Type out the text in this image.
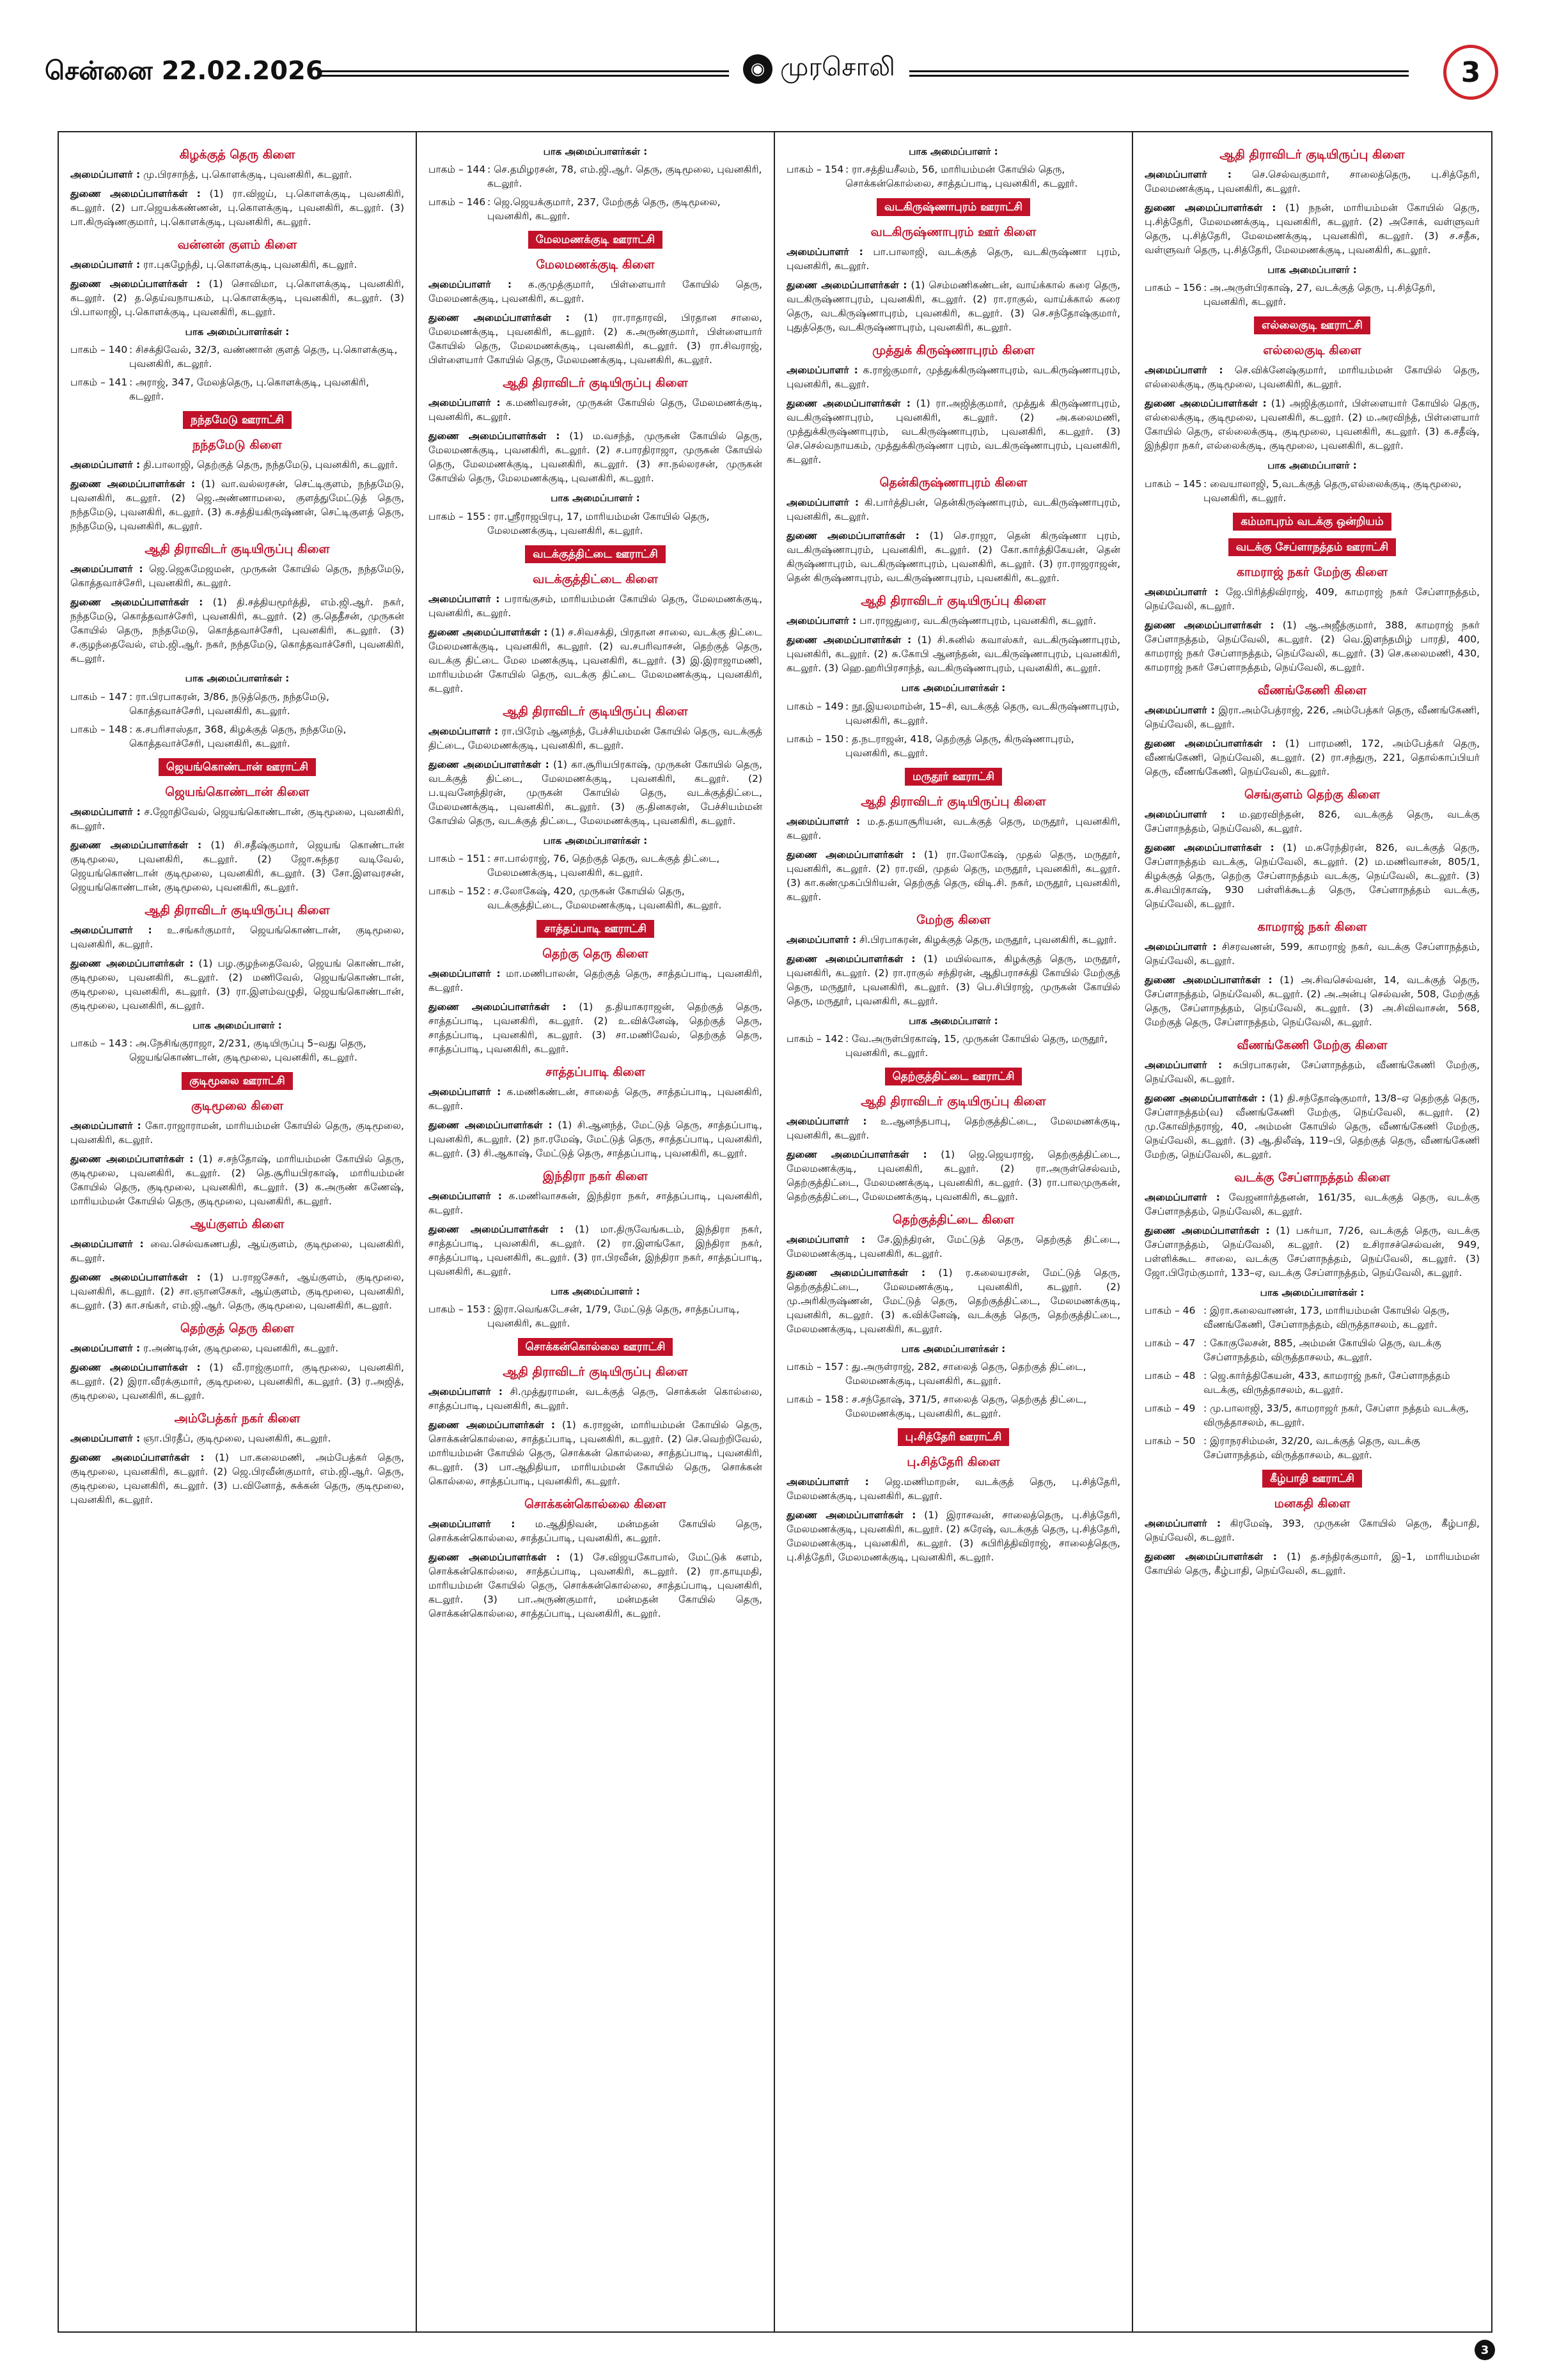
சென்னை 22.02.2026	◉ முரசொலி	3
கிழக்குத் தெரு கிளை

அமைப்பாளர் : மு.பிரசாந்த், பு.கொளக்குடி, புவனகிரி, கடலூர்.

துணை அமைப்பாளர்கள் : (1) ரா.விஜய், பு.கொளக்குடி, புவனகிரி, கடலூர். (2) பா.ஜெயக்கண்ணன், பு.கொளக்குடி, புவனகிரி, கடலூர். (3) பா.கிருஷ்ணகுமார், பு.கொளக்குடி, புவனகிரி, கடலூர்.

வன்னன் குளம் கிளை

அமைப்பாளர் : ரா.புகழேந்தி, பு.கொளக்குடி, புவனகிரி, கடலூர்.

துணை அமைப்பாளர்கள் : (1) சொவிமா, பு.கொளக்குடி, புவனகிரி, கடலூர். (2) த.தெய்வநாயகம், பு.கொளக்குடி, புவனகிரி, கடலூர். (3) பி.பாலாஜி, பு.கொளக்குடி, புவனகிரி, கடலூர்.

பாக அமைப்பாளர்கள் :
பாகம் – 140 : சிசக்திவேல், 32/3, வண்ணான் குளத் தெரு, பு.கொளக்குடி, புவனகிரி, கடலூர்.
பாகம் – 141 : அராஜ், 347, மேலத்தெரு, பு.கொளக்குடி, புவனகிரி, கடலூர்.
நந்தமேடு ஊராட்சி
நந்தமேடு கிளை

அமைப்பாளர் : தி.பாலாஜி, தெற்குத் தெரு, நந்தமேடு, புவனகிரி, கடலூர்.

துணை அமைப்பாளர்கள் : (1) வா.வல்லரசன், செட்டிகுளம், நந்தமேடு, புவனகிரி, கடலூர். (2) ஜெ.அண்ணாமலை, குளத்துமேட்டுத் தெரு, நந்தமேடு, புவனகிரி, கடலூர். (3) க.சத்தியகிருஷ்ணன், செட்டிகுளத் தெரு, நந்தமேடு, புவனகிரி, கடலூர்.

ஆதி திராவிடர் குடியிருப்பு கிளை

அமைப்பாளர் : ஜெ.ஜெகமேஜமன், முருகன் கோயில் தெரு, நந்தமேடு, கொத்தவாச்சேரி, புவனகிரி, கடலூர்.

துணை அமைப்பாளர்கள் : (1) தி.சத்தியமூர்த்தி, எம்.ஜி.ஆர். நகர், நந்தமேடு, கொத்தவாச்சேரி, புவனகிரி, கடலூர். (2) கு.தெதீசன், முருகன் கோயில் தெரு, நந்தமேடு, கொத்தவாச்சேரி, புவனகிரி, கடலூர். (3) ச.குழந்தைவேல், எம்.ஜி.ஆர். நகர், நந்தமேடு, கொத்தவாச்சேரி, புவனகிரி, கடலூர்.

பாக அமைப்பாளர்கள் :
பாகம் – 147 : ரா.பிரபாகரன், 3/86, நடுத்தெரு, நந்தமேடு, கொத்தவாச்சேரி, புவனகிரி, கடலூர்.
பாகம் – 148 : க.சபரிசாஸ்தா, 368, கிழக்குத் தெரு, நந்தமேடு, கொத்தவாச்சேரி, புவனகிரி, கடலூர்.
ஜெயங்கொண்டான் ஊராட்சி
ஜெயங்கொண்டான் கிளை

அமைப்பாளர் : ச.ஜோதிவேல், ஜெயங்கொண்டான், குடிமூலை, புவனகிரி, கடலூர்.

துணை அமைப்பாளர்கள் : (1) சி.சதீஷ்குமார், ஜெயங் கொண்டான் குடிமூலை, புவனகிரி, கடலூர். (2) ஜோ.சுந்தர வடிவேல், ஜெயங்கொண்டான் குடிமூலை, புவனகிரி, கடலூர். (3) சோ.இளவரசன், ஜெயங்கொண்டான், குடிமூலை, புவனகிரி, கடலூர்.

ஆதி திராவிடர் குடியிருப்பு கிளை

அமைப்பாளர் : உ.சங்கர்குமார், ஜெயங்கொண்டான், குடிமூலை, புவனகிரி, கடலூர்.

துணை அமைப்பாளர்கள் : (1) பழ.குழந்தைவேல், ஜெயங் கொண்டான், குடிமூலை, புவனகிரி, கடலூர். (2) மணிவேல், ஜெயங்கொண்டான், குடிமூலை, புவனகிரி, கடலூர். (3) ரா.இளம்வழுதி, ஜெயங்கொண்டான், குடிமூலை, புவனகிரி, கடலூர்.

பாக அமைப்பாளர் :
பாகம் – 143 : அ.நேசிங்குராஜா, 2/231, குடியிருப்பு 5–வது தெரு, ஜெயங்கொண்டான், குடிமூலை, புவனகிரி, கடலூர்.
குடிமூலை ஊராட்சி
குடிமூலை கிளை

அமைப்பாளர் : கோ.ராஜாராமன், மாரியம்மன் கோயில் தெரு, குடிமூலை, புவனகிரி, கடலூர்.

துணை அமைப்பாளர்கள் : (1) ச.சந்தோஷ், மாரியம்மன் கோயில் தெரு, குடிமூலை, புவனகிரி, கடலூர். (2) தெ.சூரியபிரகாஷ், மாரியம்மன் கோயில் தெரு, குடிமூலை, புவனகிரி, கடலூர். (3) க.அருண் கணேஷ், மாரியம்மன் கோயில் தெரு, குடிமூலை, புவனகிரி, கடலூர்.

ஆய்குளம் கிளை

அமைப்பாளர் : வை.செல்வகணபதி, ஆய்குளம், குடிமூலை, புவனகிரி, கடலூர்.

துணை அமைப்பாளர்கள் : (1) ப.ராஜசேகர், ஆய்குளம், குடிமூலை, புவனகிரி, கடலூர். (2) சா.ஞானசேகர், ஆய்குளம், குடிமூலை, புவனகிரி, கடலூர். (3) கா.சங்கர், எம்.ஜி.ஆர். தெரு, குடிமூலை, புவனகிரி, கடலூர்.

தெற்குத் தெரு கிளை

அமைப்பாளர் : ர.அண்டிரன், குடிமூலை, புவனகிரி, கடலூர்.

துணை அமைப்பாளர்கள் : (1) வீ.ராஜ்குமார், குடிமூலை, புவனகிரி, கடலூர். (2) இரா.வீரக்குமார், குடிமூலை, புவனகிரி, கடலூர். (3) ர.அஜித், குடிமூலை, புவனகிரி, கடலூர்.

அம்பேத்கர் நகர் கிளை

அமைப்பாளர் : ஞா.பிரதீப், குடிமூலை, புவனகிரி, கடலூர்.

துணை அமைப்பாளர்கள் : (1) பா.கலைமணி, அம்பேத்கர் தெரு, குடிமூலை, புவனகிரி, கடலூர். (2) ஜெ.பிரவீன்குமார், எம்.ஜி.ஆர். தெரு, குடிமூலை, புவனகிரி, கடலூர். (3) ப.வினோத், சுக்கன் தெரு, குடிமூலை, புவனகிரி, கடலூர்.

பாக அமைப்பாளர்கள் :
பாகம் – 144 : செ.தமிழரசன், 78, எம்.ஜி.ஆர். தெரு, குடிமூலை, புவனகிரி, கடலூர்.
பாகம் – 146 : ஜெ.ஜெயக்குமார், 237, மேற்குத் தெரு, குடிமூலை, புவனகிரி, கடலூர்.
மேலமணக்குடி ஊராட்சி
மேலமணக்குடி கிளை

அமைப்பாளர் : க.குமுத்குமார், பிள்ளையார் கோயில் தெரு, மேலமணக்குடி, புவனகிரி, கடலூர்.

துணை அமைப்பாளர்கள் : (1) ரா.ராதாரவி, பிரதான சாலை, மேலமணக்குடி, புவனகிரி, கடலூர். (2) க.அருண்குமார், பிள்ளையார் கோயில் தெரு, மேலமணக்குடி, புவனகிரி, கடலூர். (3) ரா.சிவராஜ், பிள்ளையார் கோயில் தெரு, மேலமணக்குடி, புவனகிரி, கடலூர்.

ஆதி திராவிடர் குடியிருப்பு கிளை

அமைப்பாளர் : க.மணிவரசன், முருகன் கோயில் தெரு, மேலமணக்குடி, புவனகிரி, கடலூர்.

துணை அமைப்பாளர்கள் : (1) ம.வசந்த், முருகன் கோயில் தெரு, மேலமணக்குடி, புவனகிரி, கடலூர். (2) ச.பாரதிராஜா, முருகன் கோயில் தெரு, மேலமணக்குடி, புவனகிரி, கடலூர். (3) சா.நல்லரசன், முருகன் கோயில் தெரு, மேலமணக்குடி, புவனகிரி, கடலூர்.

பாக அமைப்பாளர் :
பாகம் – 155 : ரா.ஸ்ரீராஜபிரபு, 17, மாரியம்மன் கோயில் தெரு, மேலமணக்குடி, புவனகிரி, கடலூர்.
வடக்குத்திட்டை ஊராட்சி
வடக்குத்திட்டை கிளை

அமைப்பாளர் : பராங்குசம், மாரியம்மன் கோயில் தெரு, மேலமணக்குடி, புவனகிரி, கடலூர்.

துணை அமைப்பாளர்கள் : (1) ச.சிவசக்தி, பிரதான சாலை, வடக்கு திட்டை மேலமணக்குடி, புவனகிரி, கடலூர். (2) வ.சபரிவாசன், தெற்குத் தெரு, வடக்கு திட்டை மேல மணக்குடி, புவனகிரி, கடலூர். (3) இ.இராஜாமணி, மாரியம்மன் கோயில் தெரு, வடக்கு திட்டை மேலமணக்குடி, புவனகிரி, கடலூர்.

ஆதி திராவிடர் குடியிருப்பு கிளை

அமைப்பாளர் : ரா.பிரேம் ஆனந்த், பேச்சியம்மன் கோயில் தெரு, வடக்குத் திட்டை, மேலமணக்குடி, புவனகிரி, கடலூர்.

துணை அமைப்பாளர்கள் : (1) கா.சூரியபிரகாஷ், முருகன் கோயில் தெரு, வடக்குத் திட்டை, மேலமணக்குடி, புவனகிரி, கடலூர். (2) ப.யுவனேந்திரன், முருகன் கோயில் தெரு, வடக்குத்திட்டை, மேலமணக்குடி, புவனகிரி, கடலூர். (3) கு.தினகரன், பேச்சியம்மன் கோயில் தெரு, வடக்குத் திட்டை, மேலமணக்குடி, புவனகிரி, கடலூர்.

பாக அமைப்பாளர்கள் :
பாகம் – 151 : சா.பால்ராஜ், 76, தெற்குத் தெரு, வடக்குத் திட்டை, மேலமணக்குடி, புவனகிரி, கடலூர்.
பாகம் – 152 : ச.லோகேஷ், 420, முருகன் கோயில் தெரு, வடக்குத்திட்டை, மேலமணக்குடி, புவனகிரி, கடலூர்.
சாத்தப்பாடி ஊராட்சி
தெற்கு தெரு கிளை

அமைப்பாளர் : மா.மணிபாலன், தெற்குத் தெரு, சாத்தப்பாடி, புவனகிரி, கடலூர்.

துணை அமைப்பாளர்கள் : (1) த.தியாகராஜன், தெற்குத் தெரு, சாத்தப்பாடி, புவனகிரி, கடலூர். (2) உ.விக்னேஷ், தெற்குத் தெரு, சாத்தப்பாடி, புவனகிரி, கடலூர். (3) சா.மணிவேல், தெற்குத் தெரு, சாத்தப்பாடி, புவனகிரி, கடலூர்.

சாத்தப்பாடி கிளை

அமைப்பாளர் : க.மணிகண்டன், சாலைத் தெரு, சாத்தப்பாடி, புவனகிரி, கடலூர்.

துணை அமைப்பாளர்கள் : (1) சி.ஆனந்த், மேட்டுத் தெரு, சாத்தப்பாடி, புவனகிரி, கடலூர். (2) நா.ரமேஷ், மேட்டுத் தெரு, சாத்தப்பாடி, புவனகிரி, கடலூர். (3) சி.ஆகாஷ், மேட்டுத் தெரு, சாத்தப்பாடி, புவனகிரி, கடலூர்.

இந்திரா நகர் கிளை

அமைப்பாளர் : க.மணிவாசகன், இந்திரா நகர், சாத்தப்பாடி, புவனகிரி, கடலூர்.

துணை அமைப்பாளர்கள் : (1) மா.திருவேங்கடம், இந்திரா நகர், சாத்தப்பாடி, புவனகிரி, கடலூர். (2) ரா.இளங்கோ, இந்திரா நகர், சாத்தப்பாடி, புவனகிரி, கடலூர். (3) ரா.பிரவீன், இந்திரா நகர், சாத்தப்பாடி, புவனகிரி, கடலூர்.

பாக அமைப்பாளர் :
பாகம் – 153 : இரா.வெங்கடேசன், 1/79, மேட்டுத் தெரு, சாத்தப்பாடி, புவனகிரி, கடலூர்.
சொக்கன்கொல்லை ஊராட்சி
ஆதி திராவிடர் குடியிருப்பு கிளை

அமைப்பாளர் : சி.முத்துராமன், வடக்குத் தெரு, சொக்கன் கொல்லை, சாத்தப்பாடி, புவனகிரி, கடலூர்.

துணை அமைப்பாளர்கள் : (1) க.ராஜன், மாரியம்மன் கோயில் தெரு, சொக்கன்கொல்லை, சாத்தப்பாடி, புவனகிரி, கடலூர். (2) செ.வெற்றிவேல், மாரியம்மன் கோயில் தெரு, சொக்கன் கொல்லை, சாத்தப்பாடி, புவனகிரி, கடலூர். (3) பா.ஆதிதியா, மாரியம்மன் கோயில் தெரு, சொக்கன் கொல்லை, சாத்தப்பாடி, புவனகிரி, கடலூர்.

சொக்கன்கொல்லை கிளை

அமைப்பாளர் : ம.ஆதிநிவன், மன்மதன் கோயில் தெரு, சொக்கன்கொல்லை, சாத்தப்பாடி, புவனகிரி, கடலூர்.

துணை அமைப்பாளர்கள் : (1) சே.விஜயகோபால், மேட்டுக் களம், சொக்கன்கொல்லை, சாத்தப்பாடி, புவனகிரி, கடலூர். (2) ரா.தாயுமதி, மாரியம்மன் கோயில் தெரு, சொக்கன்கொல்லை, சாத்தப்பாடி, புவனகிரி, கடலூர். (3) பா.அருண்குமார், மன்மதன் கோயில் தெரு, சொக்கன்கொல்லை, சாத்தப்பாடி, புவனகிரி, கடலூர்.

பாக அமைப்பாளர் :
பாகம் – 154 : ரா.சத்தியசீலம், 56, மாரியம்மன் கோயில் தெரு, சொக்கன்கொல்லை, சாத்தப்பாடி, புவனகிரி, கடலூர்.
வடகிருஷ்ணாபுரம் ஊராட்சி
வடகிருஷ்ணாபுரம் ஊர் கிளை

அமைப்பாளர் : பா.பாலாஜி, வடக்குத் தெரு, வடகிருஷ்ணா புரம், புவனகிரி, கடலூர்.

துணை அமைப்பாளர்கள் : (1) செம்மணிகண்டன், வாய்க்கால் கரை தெரு, வடகிருஷ்ணாபுரம், புவனகிரி, கடலூர். (2) ரா.ராகுல், வாய்க்கால் கரை தெரு, வடகிருஷ்ணாபுரம், புவனகிரி, கடலூர். (3) செ.சந்தோஷ்குமார், புதுத்தெரு, வடகிருஷ்ணாபுரம், புவனகிரி, கடலூர்.

முத்துக் கிருஷ்ணாபுரம் கிளை

அமைப்பாளர் : க.ராஜ்குமார், முத்துக்கிருஷ்ணாபுரம், வடகிருஷ்ணாபுரம், புவனகிரி, கடலூர்.

துணை அமைப்பாளர்கள் : (1) ரா.அஜித்குமார், முத்துக் கிருஷ்ணாபுரம், வடகிருஷ்ணாபுரம், புவனகிரி, கடலூர். (2) அ.கலைமணி, முத்துக்கிருஷ்ணாபுரம், வடகிருஷ்ணாபுரம், புவனகிரி, கடலூர். (3) செ.செல்வநாயகம், முத்துக்கிருஷ்ணா புரம், வடகிருஷ்ணாபுரம், புவனகிரி, கடலூர்.

தென்கிருஷ்ணாபுரம் கிளை

அமைப்பாளர் : கி.பார்த்திபன், தென்கிருஷ்ணாபுரம், வடகிருஷ்ணாபுரம், புவனகிரி, கடலூர்.

துணை அமைப்பாளர்கள் : (1) செ.ராஜா, தென் கிருஷ்ணா புரம், வடகிருஷ்ணாபுரம், புவனகிரி, கடலூர். (2) கோ.கார்த்திகேயன், தென் கிருஷ்ணாபுரம், வடகிருஷ்ணாபுரம், புவனகிரி, கடலூர். (3) ரா.ராஜராஜன், தென் கிருஷ்ணாபுரம், வடகிருஷ்ணாபுரம், புவனகிரி, கடலூர்.

ஆதி திராவிடர் குடியிருப்பு கிளை

அமைப்பாளர் : பா.ராஜதுரை, வடகிருஷ்ணாபுரம், புவனகிரி, கடலூர்.

துணை அமைப்பாளர்கள் : (1) சி.சுனில் கவாஸ்கர், வடகிருஷ்ணாபுரம், புவனகிரி, கடலூர். (2) சு.கோபி ஆனந்தன், வடகிருஷ்ணாபுரம், புவனகிரி, கடலூர். (3) ஹெ.ஹரிபிரசாந்த், வடகிருஷ்ணாபுரம், புவனகிரி, கடலூர்.

பாக அமைப்பாளர்கள் :
பாகம் – 149 : நூ.இயலமாம்ன், 15–சி, வடக்குத் தெரு, வடகிருஷ்ணாபுரம், புவனகிரி, கடலூர்.
பாகம் – 150 : த.நடராஜன், 418, தெற்குத் தெரு, கிருஷ்ணாபுரம், புவனகிரி, கடலூர்.
மருதூர் ஊராட்சி
ஆதி திராவிடர் குடியிருப்பு கிளை

அமைப்பாளர் : ம.த.தயாசூரியன், வடக்குத் தெரு, மருதூர், புவனகிரி, கடலூர்.

துணை அமைப்பாளர்கள் : (1) ரா.லோகேஷ், முதல் தெரு, மருதூர், புவனகிரி, கடலூர். (2) ரா.ரவி, முதல் தெரு, மருதூர், புவனகிரி, கடலூர். (3) கா.கண்முகப்பிரியன், தெற்குத் தெரு, விடி.சி. நகர், மருதூர், புவனகிரி, கடலூர்.

மேற்கு கிளை

அமைப்பாளர் : சி.பிரபாகரன், கிழக்குத் தெரு, மருதூர், புவனகிரி, கடலூர்.

துணை அமைப்பாளர்கள் : (1) மயில்வாசு, கிழக்குத் தெரு, மருதூர், புவனகிரி, கடலூர். (2) ரா.ராகுல் சந்திரன், ஆதிபராசக்தி கோயில் மேற்குத் தெரு, மருதூர், புவனகிரி, கடலூர். (3) பெ.சிபிராஜ், முருகன் கோயில் தெரு, மருதூர், புவனகிரி, கடலூர்.

பாக அமைப்பாளர் :
பாகம் – 142 : வே.அருள்பிரகாஷ், 15, முருகன் கோயில் தெரு, மருதூர், புவனகிரி, கடலூர்.
தெற்குத்திட்டை ஊராட்சி
ஆதி திராவிடர் குடியிருப்பு கிளை

அமைப்பாளர் : உ.ஆனந்தபாபு, தெற்குத்திட்டை, மேலமணக்குடி, புவனகிரி, கடலூர்.

துணை அமைப்பாளர்கள் : (1) ஜெ.ஜெயராஜ், தெற்குத்திட்டை, மேலமணக்குடி, புவனகிரி, கடலூர். (2) ரா.அருள்செல்வம், தெற்குத்திட்டை, மேலமணக்குடி, புவனகிரி, கடலூர். (3) ரா.பாலமுருகன், தெற்குத்திட்டை, மேலமணக்குடி, புவனகிரி, கடலூர்.

தெற்குத்திட்டை கிளை

அமைப்பாளர் : சே.இந்திரன், மேட்டுத் தெரு, தெற்குத் திட்டை, மேலமணக்குடி, புவனகிரி, கடலூர்.

துணை அமைப்பாளர்கள் : (1) ர.கலையரசன், மேட்டுத் தெரு, தெற்குத்திட்டை, மேலமணக்குடி, புவனகிரி, கடலூர். (2) மு.அரிகிருஷ்ணன், மேட்டுத் தெரு, தெற்குத்திட்டை, மேலமணக்குடி, புவனகிரி, கடலூர். (3) க.விக்னேஷ், வடக்குத் தெரு, தெற்குத்திட்டை, மேலமணக்குடி, புவனகிரி, கடலூர்.

பாக அமைப்பாளர்கள் :
பாகம் – 157 : து.அருள்ராஜ், 282, சாலைத் தெரு, தெற்குத் திட்டை, மேலமணக்குடி, புவனகிரி, கடலூர்.
பாகம் – 158 : ச.சந்தோஷ், 371/5, சாலைத் தெரு, தெற்குத் திட்டை, மேலமணக்குடி, புவனகிரி, கடலூர்.
பு.சித்தேரி ஊராட்சி
பு.சித்தேரி கிளை

அமைப்பாளர் : ஜெ.மணிமாறன், வடக்குத் தெரு, பு.சித்தேரி, மேலமணக்குடி, புவனகிரி, கடலூர்.

துணை அமைப்பாளர்கள் : (1) இராசவன், சாலைத்தெரு, பு.சித்தேரி, மேலமணக்குடி, புவனகிரி, கடலூர். (2) சுரேஷ், வடக்குத் தெரு, பு.சித்தேரி, மேலமணக்குடி, புவனகிரி, கடலூர். (3) சுபிரித்திவிராஜ், சாலைத்தெரு, பு.சித்தேரி, மேலமணக்குடி, புவனகிரி, கடலூர்.

ஆதி திராவிடர் குடியிருப்பு கிளை

அமைப்பாளர் : செ.செல்வகுமார், சாலைத்தெரு, பு.சித்தேரி, மேலமணக்குடி, புவனகிரி, கடலூர்.

துணை அமைப்பாளர்கள் : (1) நநன், மாரியம்மன் கோயில் தெரு, பு.சித்தேரி, மேலமணக்குடி, புவனகிரி, கடலூர். (2) அசோக், வள்ளுவர் தெரு, பு.சித்தேரி, மேலமணக்குடி, புவனகிரி, கடலூர். (3) ச.சதீசு, வள்ளுவர் தெரு, பு.சித்தேரி, மேலமணக்குடி, புவனகிரி, கடலூர்.

பாக அமைப்பாளர் :
பாகம் – 156 : அ.அருள்பிரகாஷ், 27, வடக்குத் தெரு, பு.சித்தேரி, புவனகிரி, கடலூர்.
எல்லைகுடி ஊராட்சி
எல்லைகுடி கிளை

அமைப்பாளர் : செ.விக்னேஷ்குமார், மாரியம்மன் கோயில் தெரு, எல்லைக்குடி, குடிமூலை, புவனகிரி, கடலூர்.

துணை அமைப்பாளர்கள் : (1) அஜித்குமார், பிள்ளையார் கோயில் தெரு, எல்லைக்குடி, குடிமூலை, புவனகிரி, கடலூர். (2) ம.அரவிந்த், பிள்ளையார் கோயில் தெரு, எல்லைக்குடி, குடிமூலை, புவனகிரி, கடலூர். (3) க.சதீஷ், இந்திரா நகர், எல்லைக்குடி, குடிமூலை, புவனகிரி, கடலூர்.

பாக அமைப்பாளர் :
பாகம் – 145 : வையாலாஜி, 5,வடக்குத் தெரு,எல்லைக்குடி, குடிமூலை, புவனகிரி, கடலூர்.
கம்மாபுரம் வடக்கு ஒன்றியம்
வடக்கு சேப்ளாநத்தம் ஊராட்சி
காமராஜ் நகர் மேற்கு கிளை

அமைப்பாளர் : ஜே.பிரித்திவிராஜ், 409, காமராஜ் நகர் சேப்ளாநத்தம், நெய்வேலி, கடலூர்.

துணை அமைப்பாளர்கள் : (1) ஆ.அஜீத்குமார், 388, காமராஜ் நகர் சேப்ளாநத்தம், நெய்வேலி, கடலூர். (2) வெ.இளந்தமிழ் பாரதி, 400, காமராஜ் நகர் சேப்ளாநத்தம், நெய்வேலி, கடலூர். (3) செ.கலைமணி, 430, காமராஜ் நகர் சேப்ளாநத்தம், நெய்வேலி, கடலூர்.

வீணங்கேணி கிளை

அமைப்பாளர் : இரா.அம்பேத்ராஜ், 226, அம்பேத்கர் தெரு, வீணங்கேணி, நெய்வேலி, கடலூர்.

துணை அமைப்பாளர்கள் : (1) பாரமணி, 172, அம்பேத்கர் தெரு, வீணங்கேணி, நெய்வேலி, கடலூர். (2) ரா.சந்துரு, 221, தொல்காப்பியர் தெரு, வீணங்கேணி, நெய்வேலி, கடலூர்.

செங்குளம் தெற்கு கிளை

அமைப்பாளர் : ம.ஹரவிந்தன், 826, வடக்குத் தெரு, வடக்கு சேப்ளாநத்தம், நெய்வேலி, கடலூர்.

துணை அமைப்பாளர்கள் : (1) ம.சுரேந்திரன், 826, வடக்குத் தெரு, சேப்ளாநத்தம் வடக்கு, நெய்வேலி, கடலூர். (2) ம.மணிவாசன், 805/1, கிழக்குத் தெரு, தெற்கு சேப்ளாநத்தம் வடக்கு, நெய்வேலி, கடலூர். (3) க.சிவபிரகாஷ், 930 பள்ளிக்கூடத் தெரு, சேப்ளாநத்தம் வடக்கு, நெய்வேலி, கடலூர்.

காமராஜ் நகர் கிளை

அமைப்பாளர் : சிசரவணன், 599, காமராஜ் நகர், வடக்கு சேப்ளாநத்தம், நெய்வேலி, கடலூர்.

துணை அமைப்பாளர்கள் : (1) அ.சிவசெல்வன், 14, வடக்குத் தெரு, சேப்ளாநத்தம், நெய்வேலி, கடலூர். (2) அ.அன்பு செல்வன், 508, மேற்குத் தெரு, சேப்ளாநத்தம், நெய்வேலி, கடலூர். (3) அ.சிவிவாசன், 568, மேற்குத் தெரு, சேப்ளாநத்தம், நெய்வேலி, கடலூர்.

வீணங்கேணி மேற்கு கிளை

அமைப்பாளர் : சுபிரபாகரன், சேப்ளாநத்தம், வீணங்கேணி மேற்கு, நெய்வேலி, கடலூர்.

துணை அமைப்பாளர்கள் : (1) தி.சந்தோஷ்குமார், 13/8–ஏ தெற்குத் தெரு, சேப்ளாநத்தம்(வ) வீணங்கேணி மேற்கு, நெய்வேலி, கடலூர். (2) மு.கோவிந்தராஜ், 40, அம்மன் கோயில் தெரு, வீணங்கேணி மேற்கு, நெய்வேலி, கடலூர். (3) ஆ.திலீஷ், 119–பி, தெற்குத் தெரு, வீணங்கேணி மேற்கு, நெய்வேலி, கடலூர்.

வடக்கு சேப்ளாநத்தம் கிளை

அமைப்பாளர் : வேஜனார்த்தனன், 161/35, வடக்குத் தெரு, வடக்கு சேப்ளாநத்தம், நெய்வேலி, கடலூர்.

துணை அமைப்பாளர்கள் : (1) பசுர்யா, 7/26, வடக்குத் தெரு, வடக்கு சேப்ளாநத்தம், நெய்வேலி, கடலூர். (2) உசிராசச்செல்வன், 949, பள்ளிக்கூட சாலை, வடக்கு சேப்ளாநத்தம், நெய்வேலி, கடலூர். (3) ஜோ.பிரேம்குமார், 133–ஏ, வடக்கு சேப்ளாநத்தம், நெய்வேலி, கடலூர்.

பாக அமைப்பாளர்கள் :
பாகம் – 46 : இரா.கலைவாணன், 173, மாரியம்மன் கோயில் தெரு, வீணங்கேணி, சேப்ளாநத்தம், விருத்தாசலம், கடலூர்.
பாகம் – 47 : கோகுலேசன், 885, அம்மன் கோயில் தெரு, வடக்கு சேப்ளாநத்தம், விருத்தாசலம், கடலூர்.
பாகம் – 48 : ஜெ.கார்த்திகேயன், 433, காமராஜ் நகர், சேப்ளாநத்தம் வடக்கு, விருத்தாசலம், கடலூர்.
பாகம் – 49 : மு.பாலாஜி, 33/5, காமராஜர் நகர், சேப்ளா நத்தம் வடக்கு, விருத்தாசலம், கடலூர்.
பாகம் – 50 : இராநரசிம்மன், 32/20, வடக்குத் தெரு, வடக்கு சேப்ளாநத்தம், விருத்தாசலம், கடலூர்.
கீழ்பாதி ஊராட்சி
மனகதி கிளை

அமைப்பாளர் : கிரமேஷ், 393, முருகன் கோயில் தெரு, கீழ்பாதி, நெய்வேலி, கடலூர்.

துணை அமைப்பாளர்கள் : (1) த.சந்திரக்குமார், இ–1, மாரியம்மன் கோயில் தெரு, கீழ்பாதி, நெய்வேலி, கடலூர்.

3
